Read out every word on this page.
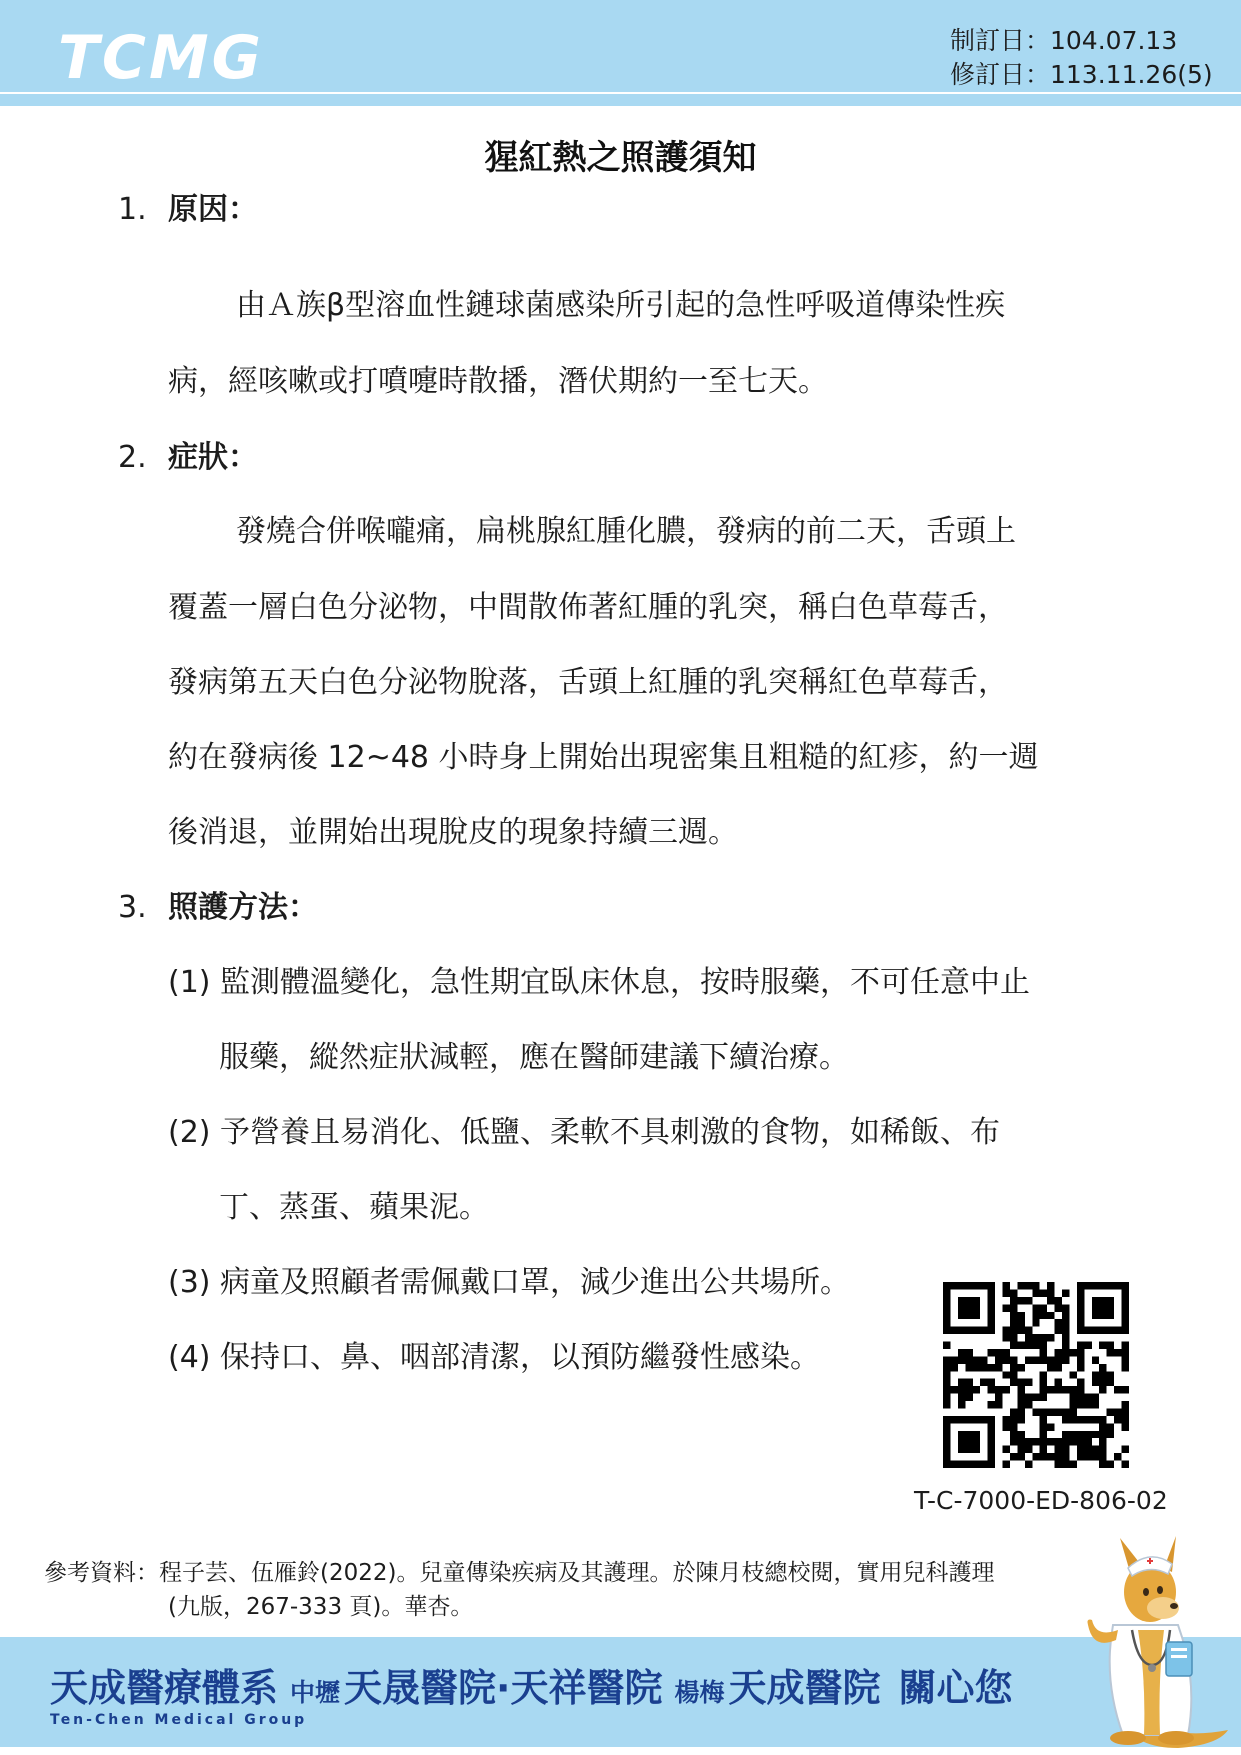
TCMG	制訂日：104.07.13
修訂日：113.11.26(5)
猩紅熱之照護須知
1. 原因：
由Ａ族β型溶血性鏈球菌感染所引起的急性呼吸道傳染性疾
病，經咳嗽或打噴嚏時散播，潛伏期約一至七天。
2. 症狀：
發燒合併喉嚨痛，扁桃腺紅腫化膿，發病的前二天，舌頭上
覆蓋一層白色分泌物，中間散佈著紅腫的乳突，稱白色草莓舌，
發病第五天白色分泌物脫落，舌頭上紅腫的乳突稱紅色草莓舌，
約在發病後 12~48 小時身上開始出現密集且粗糙的紅疹，約一週
後消退，並開始出現脫皮的現象持續三週。
3. 照護方法：
(1) 監測體溫變化，急性期宜臥床休息，按時服藥，不可任意中止
服藥，縱然症狀減輕，應在醫師建議下續治療。
(2) 予營養且易消化、低鹽、柔軟不具刺激的食物，如稀飯、布
丁、蒸蛋、蘋果泥。
(3) 病童及照顧者需佩戴口罩，減少進出公共場所。
(4) 保持口、鼻、咽部清潔，以預防繼發性感染。
T-C-7000-ED-806-02
參考資料：程子芸、伍雁鈴(2022)。兒童傳染疾病及其護理。於陳月枝總校閱，實用兒科護理
(九版，267-333 頁)。華杏。
天成醫療體系 中壢 天晟醫院·天祥醫院 楊梅 天成醫院 關心您
Ten-Chen Medical Group
